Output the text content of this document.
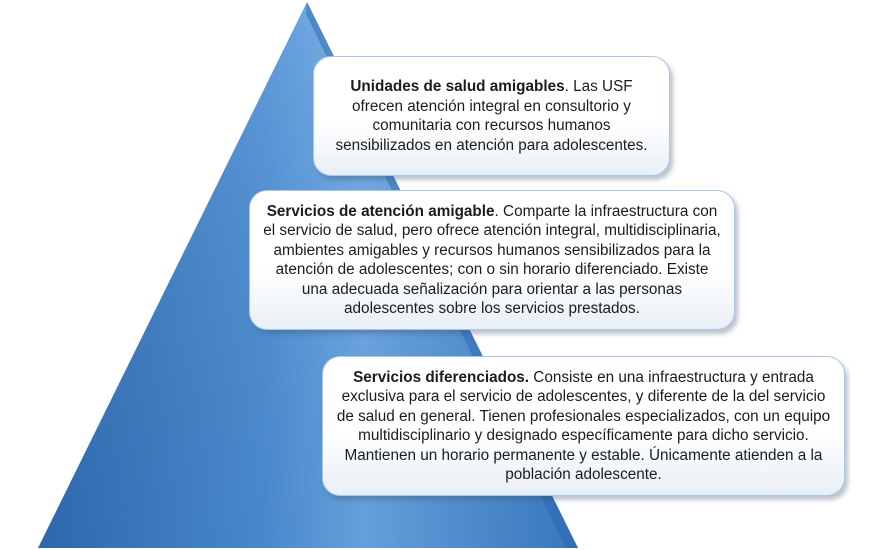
Unidades de salud amigables. Las USF ofrecen atención integral en consultorio y comunitaria con recursos humanos sensibilizados en atención para adolescentes.

Servicios de atención amigable. Comparte la infraestructura con el servicio de salud, pero ofrece atención integral, multidisciplinaria, ambientes amigables y recursos humanos sensibilizados para la atención de adolescentes; con o sin horario diferenciado. Existe una adecuada señalización para orientar a las personas adolescentes sobre los servicios prestados.

Servicios diferenciados. Consiste en una infraestructura y entrada exclusiva para el servicio de adolescentes, y diferente de la del servicio de salud en general. Tienen profesionales especializados, con un equipo multidisciplinario y designado específicamente para dicho servicio. Mantienen un horario permanente y estable. Únicamente atienden a la población adolescente.
